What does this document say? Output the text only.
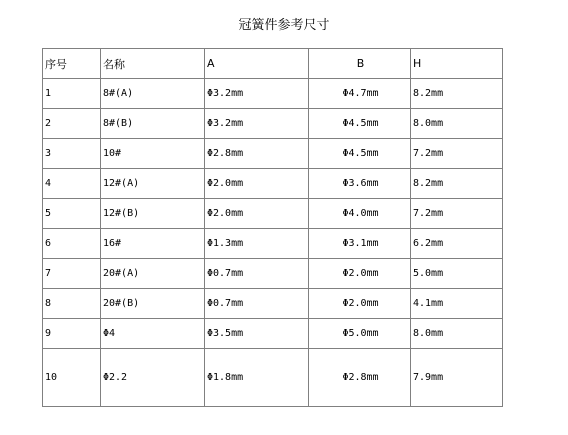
冠簧件参考尺寸
序号	名称	A	B	H
1	8#(A)	Φ3.2mm	Φ4.7mm	8.2mm
2	8#(B)	Φ3.2mm	Φ4.5mm	8.0mm
3	10#	Φ2.8mm	Φ4.5mm	7.2mm
4	12#(A)	Φ2.0mm	Φ3.6mm	8.2mm
5	12#(B)	Φ2.0mm	Φ4.0mm	7.2mm
6	16#	Φ1.3mm	Φ3.1mm	6.2mm
7	20#(A)	Φ0.7mm	Φ2.0mm	5.0mm
8	20#(B)	Φ0.7mm	Φ2.0mm	4.1mm
9	Φ4	Φ3.5mm	Φ5.0mm	8.0mm
10	Φ2.2	Φ1.8mm	Φ2.8mm	7.9mm
